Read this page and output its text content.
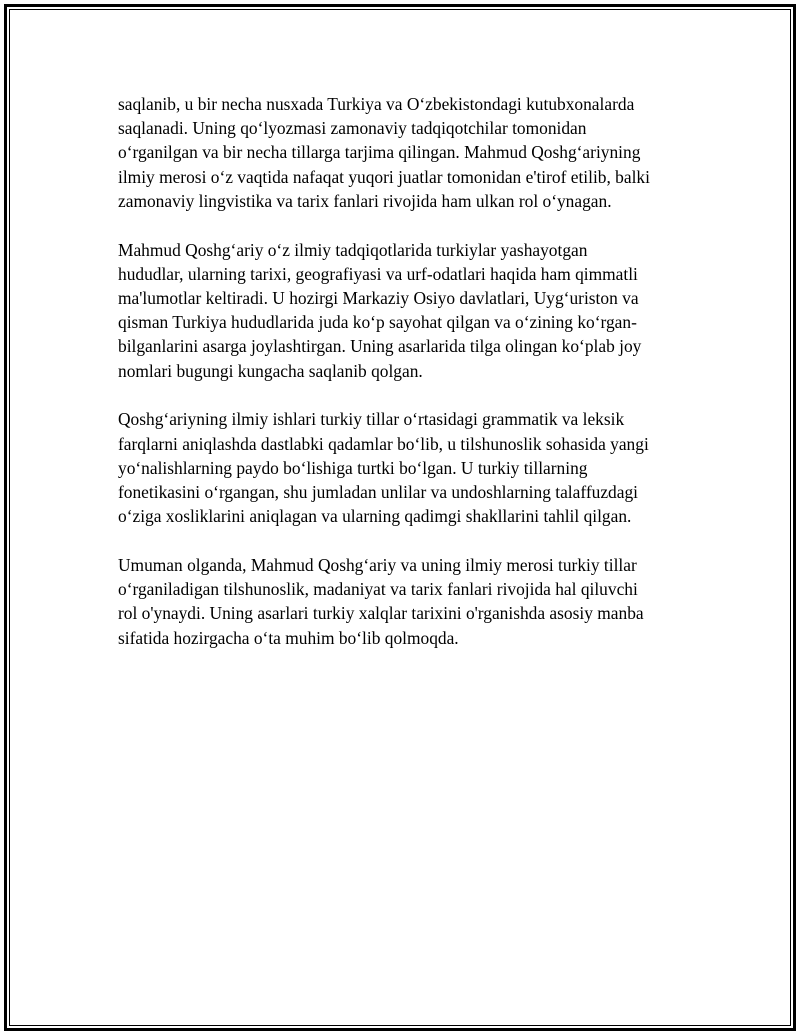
saqlanib, u bir necha nusxada Turkiya va O‘zbekistondagi kutubxonalarda
saqlanadi. Uning qo‘lyozmasi zamonaviy tadqiqotchilar tomonidan
o‘rganilgan va bir necha tillarga tarjima qilingan. Mahmud Qoshg‘ariyning
ilmiy merosi o‘z vaqtida nafaqat yuqori juatlar tomonidan e'tirof etilib, balki
zamonaviy lingvistika va tarix fanlari rivojida ham ulkan rol o‘ynagan.

Mahmud Qoshg‘ariy o‘z ilmiy tadqiqotlarida turkiylar yashayotgan
hududlar, ularning tarixi, geografiyasi va urf-odatlari haqida ham qimmatli
ma'lumotlar keltiradi. U hozirgi Markaziy Osiyo davlatlari, Uyg‘uriston va
qisman Turkiya hududlarida juda ko‘p sayohat qilgan va o‘zining ko‘rgan-
bilganlarini asarga joylashtirgan. Uning asarlarida tilga olingan ko‘plab joy
nomlari bugungi kungacha saqlanib qolgan.

Qoshg‘ariyning ilmiy ishlari turkiy tillar o‘rtasidagi grammatik va leksik
farqlarni aniqlashda dastlabki qadamlar bo‘lib, u tilshunoslik sohasida yangi
yo‘nalishlarning paydo bo‘lishiga turtki bo‘lgan. U turkiy tillarning
fonetikasini o‘rgangan, shu jumladan unlilar va undoshlarning talaffuzdagi
o‘ziga xosliklarini aniqlagan va ularning qadimgi shakllarini tahlil qilgan.

Umuman olganda, Mahmud Qoshg‘ariy va uning ilmiy merosi turkiy tillar
o‘rganiladigan tilshunoslik, madaniyat va tarix fanlari rivojida hal qiluvchi
rol o'ynaydi. Uning asarlari turkiy xalqlar tarixini o'rganishda asosiy manba
sifatida hozirgacha o‘ta muhim bo‘lib qolmoqda.
